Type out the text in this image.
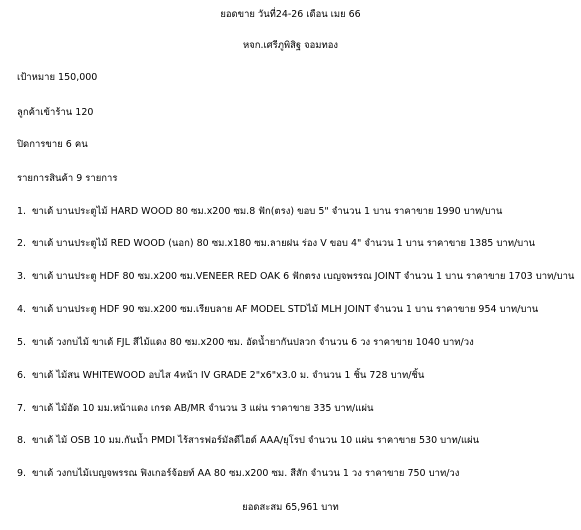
ยอดขาย วันที่24-26 เดือน เมย 66
หจก.เศรีภูพิสิฐ จอมทอง
เป้าหมาย 150,000
ลูกค้าเข้าร้าน 120
ปิดการขาย 6 คน
รายการสินค้า 9 รายการ
1. ขาเด้ บานประตูไม้ HARD WOOD 80 ซม.x200 ซม.8 ฟัก(ตรง) ขอบ 5" จำนวน 1 บาน ราคาขาย 1990 บาท/บาน
2. ขาเด้ บานประตูไม้ RED WOOD (นอก) 80 ซม.x180 ซม.ลายฝน ร่อง V ขอบ 4" จำนวน 1 บาน ราคาขาย 1385 บาท/บาน
3. ขาเด้ บานประตู HDF 80 ซม.x200 ซม.VENEER RED OAK 6 ฟักตรง เบญจพรรณ JOINT จำนวน 1 บาน ราคาขาย 1703 บาท/บาน
4. ขาเด้ บานประตู HDF 90 ซม.x200 ซม.เรียบลาย AF MODEL STDไม้ MLH JOINT จำนวน 1 บาน ราคาขาย 954 บาท/บาน
5. ขาเด้ วงกบไม้ ขาเด้ FJL สีไม้แดง 80 ซม.x200 ซม. อัดน้ำยากันปลวก จำนวน 6 วง ราคาขาย 1040 บาท/วง
6. ขาเด้ ไม้สน WHITEWOOD อบไส 4หน้า IV GRADE 2"x6"x3.0 ม. จำนวน 1 ชิ้น 728 บาท/ชิ้น
7. ขาเด้ ไม้อัด 10 มม.หน้าแดง เกรด AB/MR จำนวน 3 แผ่น ราคาขาย 335 บาท/แผ่น
8. ขาเด้ ไม้ OSB 10 มม.กันน้ำ PMDI ไร้สารฟอร์มัลดีไฮด์ AAA/ยุโรป จำนวน 10 แผ่น ราคาขาย 530 บาท/แผ่น
9. ขาเด้ วงกบไม้เบญจพรรณ ฟิงเกอร์จ้อยท์ AA 80 ซม.x200 ซม. สีสัก จำนวน 1 วง ราคาขาย 750 บาท/วง
ยอดสะสม 65,961 บาท
